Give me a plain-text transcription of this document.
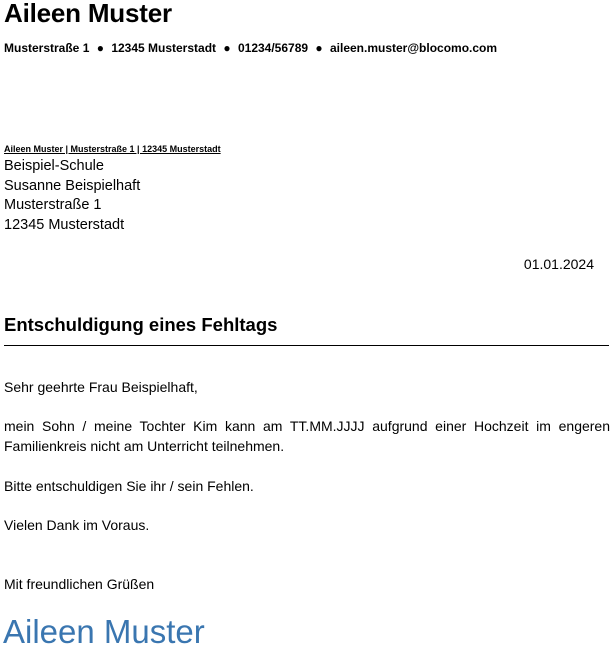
Aileen Muster
Musterstraße 1 ● 12345 Musterstadt ● 01234/56789 ● aileen.muster@blocomo.com
Aileen Muster | Musterstraße 1 | 12345 Musterstadt
Beispiel-Schule
Susanne Beispielhaft
Musterstraße 1
12345 Musterstadt
01.01.2024
Entschuldigung eines Fehltags
Sehr geehrte Frau Beispielhaft,
mein Sohn / meine Tochter Kim kann am TT.MM.JJJJ aufgrund einer Hochzeit im engeren Familienkreis nicht am Unterricht teilnehmen.
Bitte entschuldigen Sie ihr / sein Fehlen.
Vielen Dank im Voraus.
Mit freundlichen Grüßen
Aileen Muster
